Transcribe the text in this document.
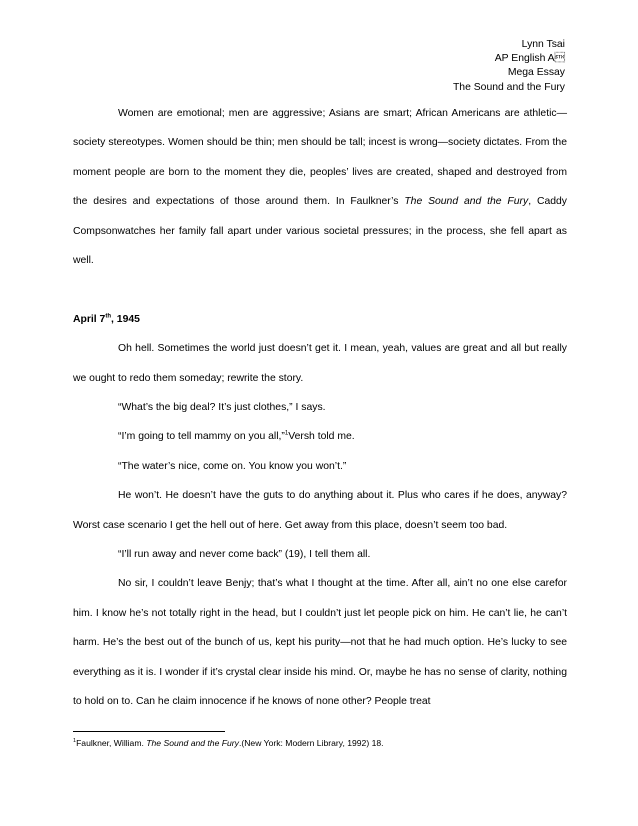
Lynn Tsai
AP English A
Mega Essay
The Sound and the Fury

Women are emotional; men are aggressive; Asians are smart; African Americans are athletic— society stereotypes. Women should be thin; men should be tall; incest is wrong—society dictates. From the moment people are born to the moment they die, peoples’ lives are created, shaped and destroyed from the desires and expectations of those around them. In Faulkner’s The Sound and the Fury, Caddy Compsonwatches her family fall apart under various societal pressures; in the process, she fell apart as well.

April 7th, 1945

Oh hell. Sometimes the world just doesn’t get it. I mean, yeah, values are great and all but really we ought to redo them someday; rewrite the story.

“What’s the big deal? It’s just clothes,” I says.

“I’m going to tell mammy on you all,”$^1$Versh told me.

“The water’s nice, come on. You know you won’t.”

He won’t. He doesn’t have the guts to do anything about it. Plus who cares if he does, anyway? Worst case scenario I get the hell out of here. Get away from this place, doesn’t seem too bad.

“I’ll run away and never come back” (19), I tell them all.

No sir, I couldn’t leave Benjy; that’s what I thought at the time. After all, ain’t no one else carefor him. I know he’s not totally right in the head, but I couldn’t just let people pick on him. He can’t lie, he can’t harm. He’s the best out of the bunch of us, kept his purity—not that he had much option. He’s lucky to see everything as it is. I wonder if it’s crystal clear inside his mind. Or, maybe he has no sense of clarity, nothing to hold on to. Can he claim innocence if he knows of none other? People treat

$^1$Faulkner, William. The Sound and the Fury.(New York: Modern Library, 1992) 18.
